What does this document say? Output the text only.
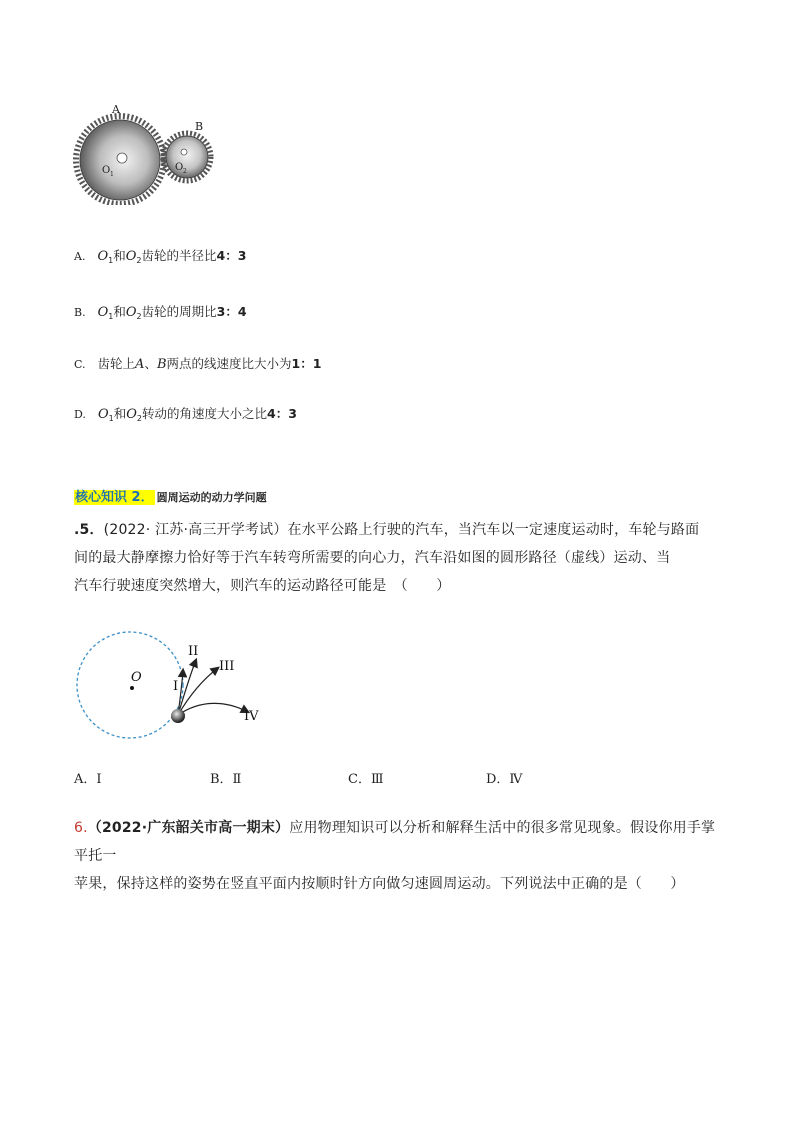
A
B
O 1
O 2
A. $O_1$和$O_2$齿轮的半径比4：3
B. $O_1$和$O_2$齿轮的周期比3：4
C. 齿轮上A、B两点的线速度比大小为1：1
D. $O_1$和$O_2$转动的角速度大小之比4：3
核心知识 2． 圆周运动的动力学问题
.5．(2022· 江苏·高三开学考试）在水平公路上行驶的汽车，当汽车以一定速度运动时，车轮与路面
间的最大静摩擦力恰好等于汽车转弯所需要的向心力，汽车沿如图的圆形路径（虚线）运动、当
汽车行驶速度突然增大，则汽车的运动路径可能是　（　　）
O
I
II
III
IV
A．Ⅰ	B．Ⅱ	C．Ⅲ	D．Ⅳ
6.（2022·广东韶关市高一期末）应用物理知识可以分析和解释生活中的很多常见现象。假设你用手掌平托一
苹果，保持这样的姿势在竖直平面内按顺时针方向做匀速圆周运动。下列说法中正确的是（　　）
